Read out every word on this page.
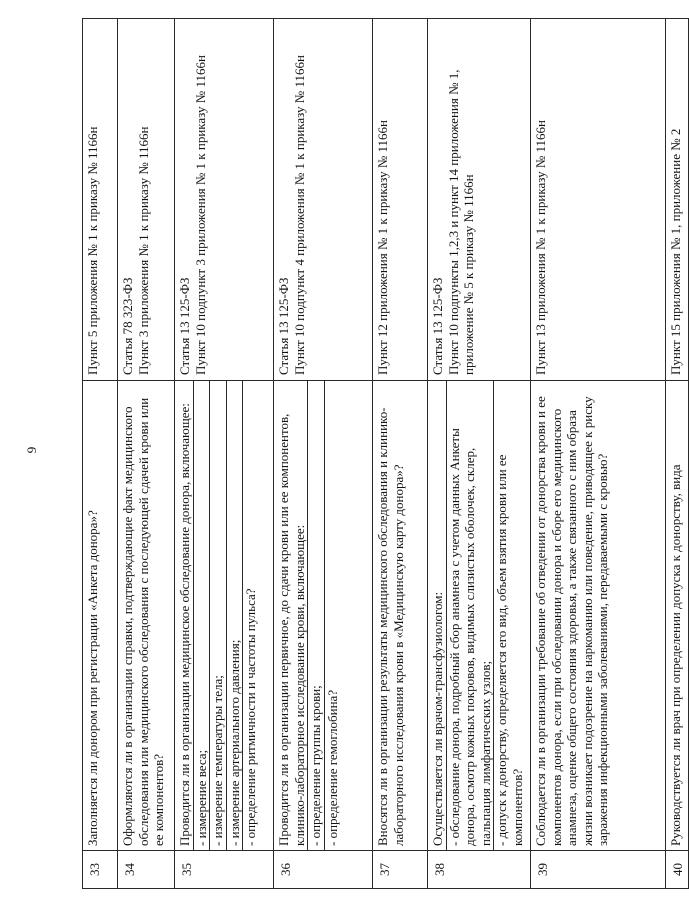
9
33	Заполняется ли донором при регистрации «Анкета донора»?	Пункт 5 приложения № 1 к приказу № 1166н

34	Оформляются ли в организации справки, подтверждающие факт медицинского обследования или медицинского обследования с последующей сдачей крови или ее компонентов?	Статья 78 323-ФЗ Пункт 3 приложения № 1 к приказу № 1166н

35	Проводится ли в организации медицинское обследование донора, включающее: - измерение веса; - измерение температуры тела; - измерение артериального давления; - определение ритмичности и частоты пульса?	Статья 13 125-ФЗ Пункт 10 подпункт 3 приложения № 1 к приказу № 1166н

36	Проводится ли в организации первичное, до сдачи крови или ее компонентов, клинико-лабораторное исследование крови, включающее: - определение группы крови; - определение гемоглобина?	Статья 13 125-ФЗ Пункт 10 подпункт 4 приложения № 1 к приказу № 1166н

37	Вносятся ли в организации результаты медицинского обследования и клинико-лабораторного исследования крови в «Медицинскую карту донора»?	Пункт 12 приложения № 1 к приказу № 1166н

38	Осуществляется ли врачом-трансфузиологом: - обследование донора, подробный сбор анамнеза с учетом данных Анкеты донора, осмотр кожных покровов, видимых слизистых оболочек, склер, пальпация лимфатических узлов; - допуск к донорству, определяется его вид, объем взятия крови или ее компонентов?	Статья 13 125-ФЗ Пункт 10 подпункты 1,2,3 и пункт 14 приложения № 1, приложение № 5 к приказу № 1166н

39	Соблюдается ли в организации требование об отведении от донорства крови и ее компонентов донора, если при обследовании донора и сборе его медицинского анамнеза, оценке общего состояния здоровья, а также связанного с ним образа жизни возникает подозрение на наркоманию или поведение, приводящее к риску заражения инфекционными заболеваниями, передаваемыми с кровью?	Пункт 13 приложения № 1 к приказу № 1166н

40	Руководствуется ли врач при определении допуска к донорству, вида	Пункт 15 приложения № 1, приложение № 2
